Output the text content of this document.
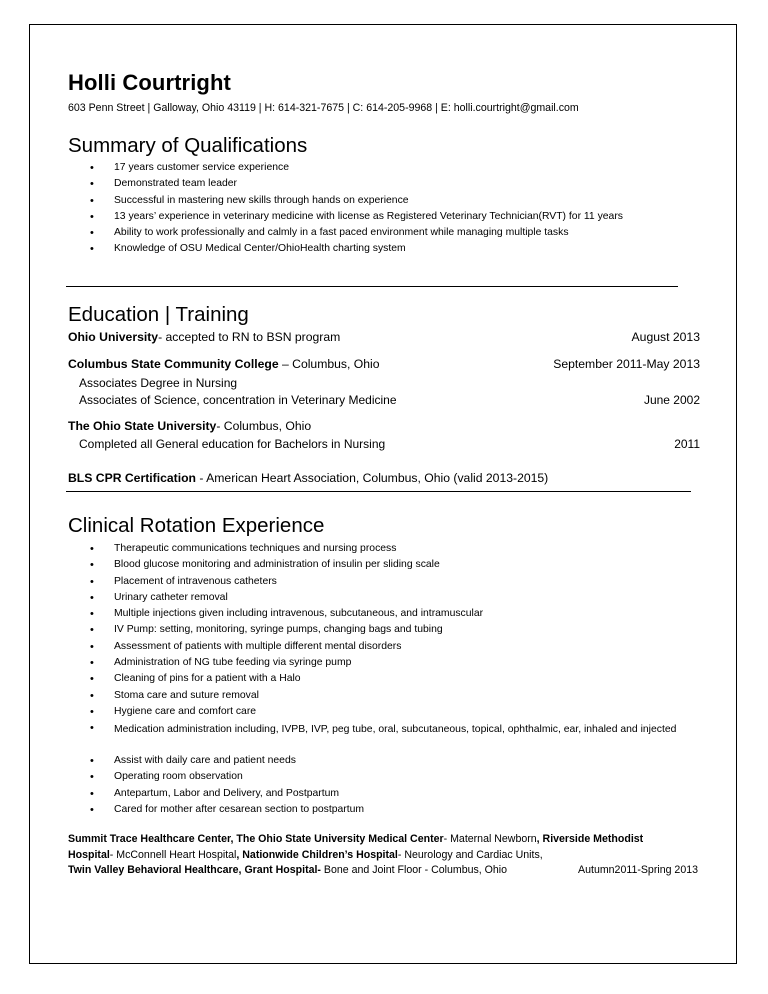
Holli Courtright
603 Penn Street | Galloway, Ohio 43119 | H: 614-321-7675 | C: 614-205-9968 | E: holli.courtright@gmail.com
Summary of Qualifications
• 17 years customer service experience
• Demonstrated team leader
• Successful in mastering new skills through hands on experience
• 13 years’ experience in veterinary medicine with license as Registered Veterinary Technician(RVT) for 11 years
• Ability to work professionally and calmly in a fast paced environment while managing multiple tasks
• Knowledge of OSU Medical Center/OhioHealth charting system
Education | Training
Ohio University- accepted to RN to BSN program	August 2013
Columbus State Community College – Columbus, Ohio	September 2011-May 2013
Associates Degree in Nursing
Associates of Science, concentration in Veterinary Medicine	June 2002
The Ohio State University- Columbus, Ohio
Completed all General education for Bachelors in Nursing	2011
BLS CPR Certification - American Heart Association, Columbus, Ohio (valid 2013-2015)
Clinical Rotation Experience
• Therapeutic communications techniques and nursing process
• Blood glucose monitoring and administration of insulin per sliding scale
• Placement of intravenous catheters
• Urinary catheter removal
• Multiple injections given including intravenous, subcutaneous, and intramuscular
• IV Pump: setting, monitoring, syringe pumps, changing bags and tubing
• Assessment of patients with multiple different mental disorders
• Administration of NG tube feeding via syringe pump
• Cleaning of pins for a patient with a Halo
• Stoma care and suture removal
• Hygiene care and comfort care
• Medication administration including, IVPB, IVP, peg tube, oral, subcutaneous, topical, ophthalmic, ear, inhaled and injected
• Assist with daily care and patient needs
• Operating room observation
• Antepartum, Labor and Delivery, and Postpartum
• Cared for mother after cesarean section to postpartum
Summit Trace Healthcare Center, The Ohio State University Medical Center- Maternal Newborn, Riverside Methodist
Hospital- McConnell Heart Hospital, Nationwide Children’s Hospital- Neurology and Cardiac Units,
Twin Valley Behavioral Healthcare, Grant Hospital- Bone and Joint Floor - Columbus, Ohio	Autumn2011-Spring 2013
